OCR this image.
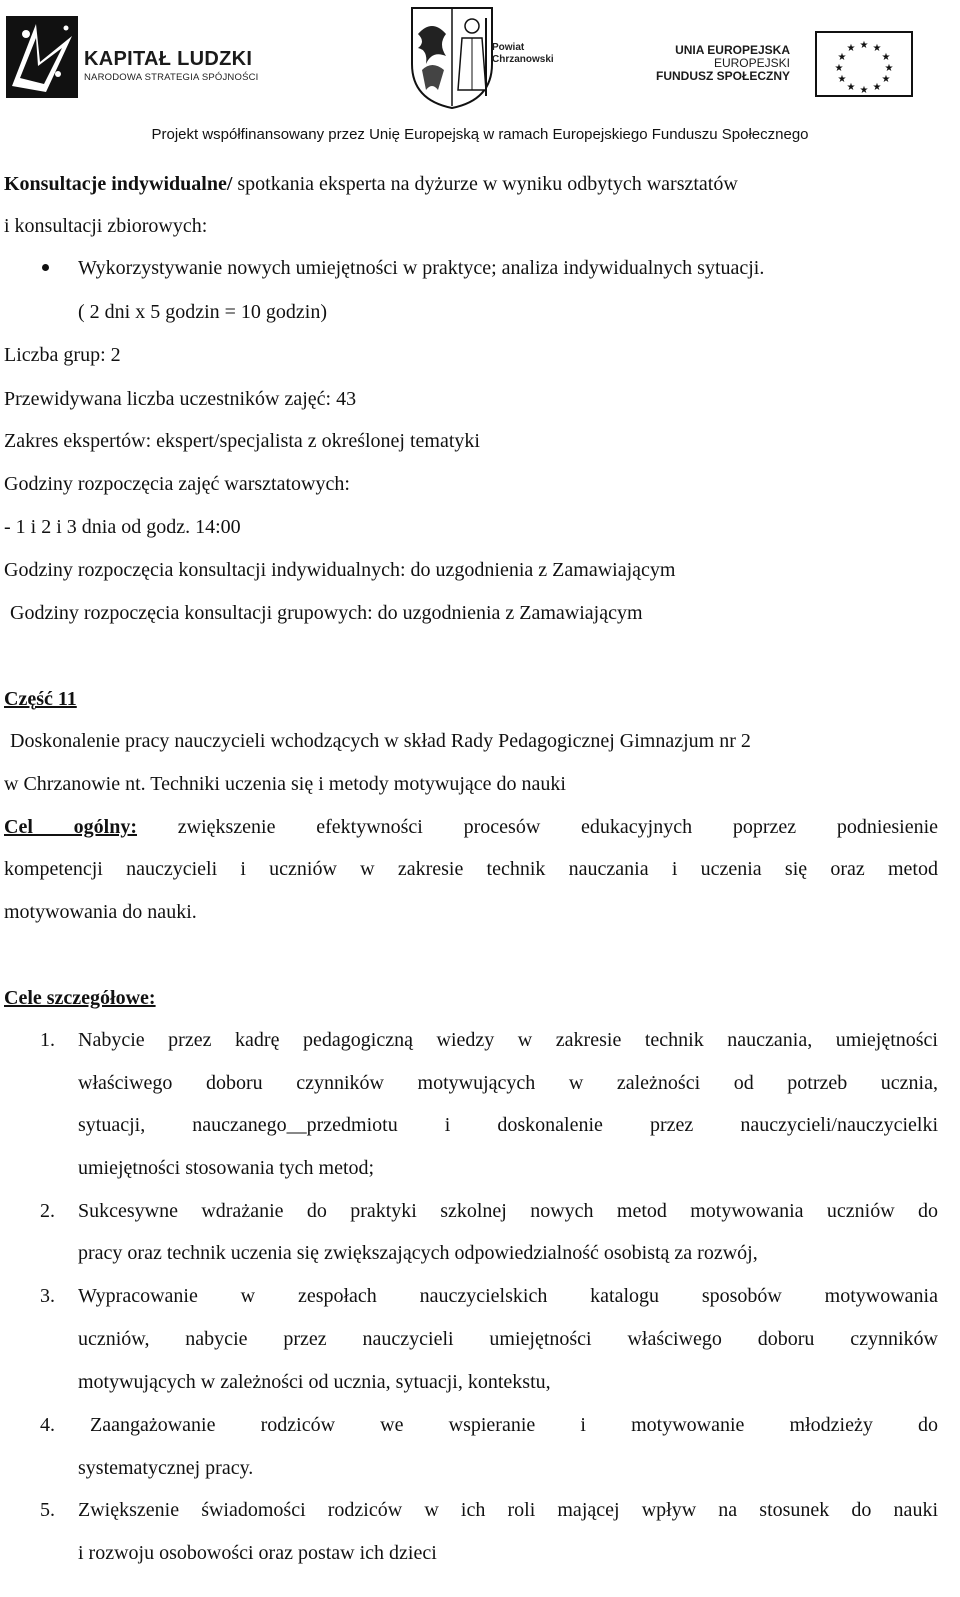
KAPITAŁ LUDZKI
NARODOWA STRATEGIA SPÓJNOŚCI
Powiat
Chrzanowski
UNIA EUROPEJSKA
EUROPEJSKI
FUNDUSZ SPOŁECZNY
★ ★
★
★
★
★
★
★
★
★
★
★
Projekt współfinansowany przez Unię Europejską w ramach Europejskiego Funduszu Społecznego
Konsultacje indywidualne/ spotkania eksperta na dyżurze w wyniku odbytych warsztatów
i konsultacji zbiorowych:
Wykorzystywanie nowych umiejętności w praktyce; analiza indywidualnych sytuacji.
( 2 dni x 5 godzin = 10 godzin)
Liczba grup: 2
Przewidywana liczba uczestników zajęć: 43
Zakres ekspertów: ekspert/specjalista z określonej tematyki
Godziny rozpoczęcia zajęć warsztatowych:
- 1 i 2 i 3 dnia od godz. 14:00
Godziny rozpoczęcia konsultacji indywidualnych: do uzgodnienia z Zamawiającym
Godziny rozpoczęcia konsultacji grupowych: do uzgodnienia z Zamawiającym
Część 11
Doskonalenie pracy nauczycieli wchodzących w skład Rady Pedagogicznej Gimnazjum nr 2
w Chrzanowie nt. Techniki uczenia się i metody motywujące do nauki
Cel ogólny: zwiększenie efektywności procesów edukacyjnych poprzez podniesienie
kompetencji nauczycieli i uczniów w zakresie technik nauczania i uczenia się oraz metod
motywowania do nauki.
Cele szczegółowe:
1. Nabycie przez kadrę pedagogiczną wiedzy w zakresie technik nauczania, umiejętności
właściwego doboru czynników motywujących w zależności od potrzeb ucznia,
sytuacji, nauczanego__przedmiotu i doskonalenie przez nauczycieli/nauczycielki
umiejętności stosowania tych metod;
2. Sukcesywne wdrażanie do praktyki szkolnej nowych metod motywowania uczniów do
pracy oraz technik uczenia się zwiększających odpowiedzialność osobistą za rozwój,
3. Wypracowanie w zespołach nauczycielskich katalogu sposobów motywowania
uczniów, nabycie przez nauczycieli umiejętności właściwego doboru czynników
motywujących w zależności od ucznia, sytuacji, kontekstu,
4. Zaangażowanie rodziców we wspieranie i motywowanie młodzieży do
systematycznej pracy.
5. Zwiększenie świadomości rodziców w ich roli mającej wpływ na stosunek do nauki
i rozwoju osobowości oraz postaw ich dzieci
